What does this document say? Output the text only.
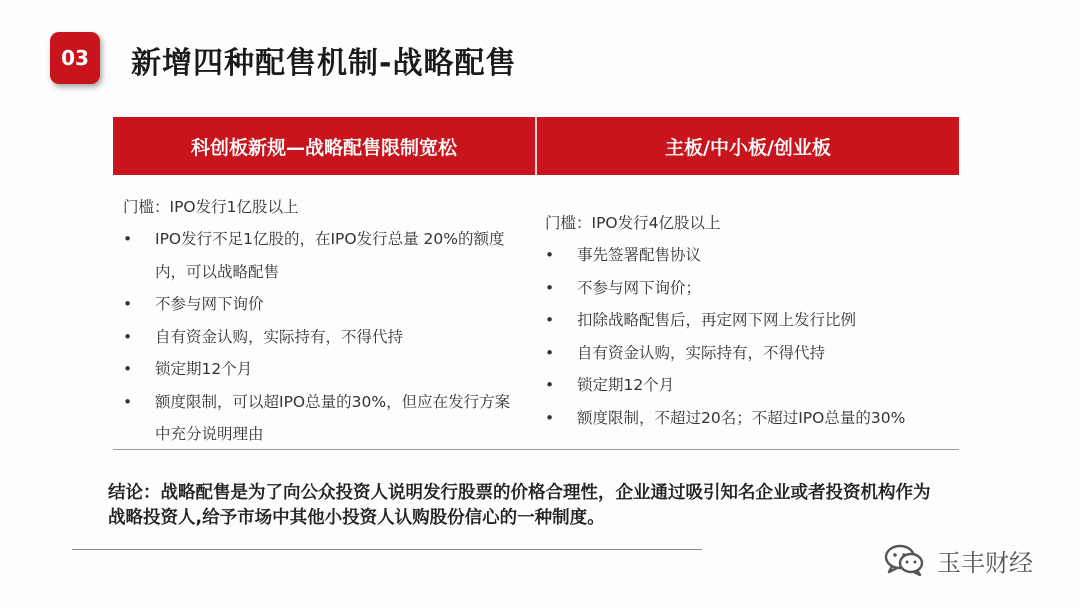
03	新增四种配售机制-战略配售
科创板新规—战略配售限制宽松	主板/中小板/创业板
门槛：IPO发行1亿股以上
•	IPO发行不足1亿股的，在IPO发行总量 20%的额度内，可以战略配售
•	不参与网下询价
•	自有资金认购，实际持有，不得代持
•	锁定期12个月
•	额度限制，可以超IPO总量的30%，但应在发行方案中充分说明理由
门槛：IPO发行4亿股以上
•	事先签署配售协议
•	不参与网下询价；
•	扣除战略配售后，再定网下网上发行比例
•	自有资金认购，实际持有，不得代持
•	锁定期12个月
•	额度限制，不超过20名；不超过IPO总量的30%
结论：战略配售是为了向公众投资人说明发行股票的价格合理性，企业通过吸引知名企业或者投资机构作为战略投资人,给予市场中其他小投资人认购股份信心的一种制度。
玉丰财经
